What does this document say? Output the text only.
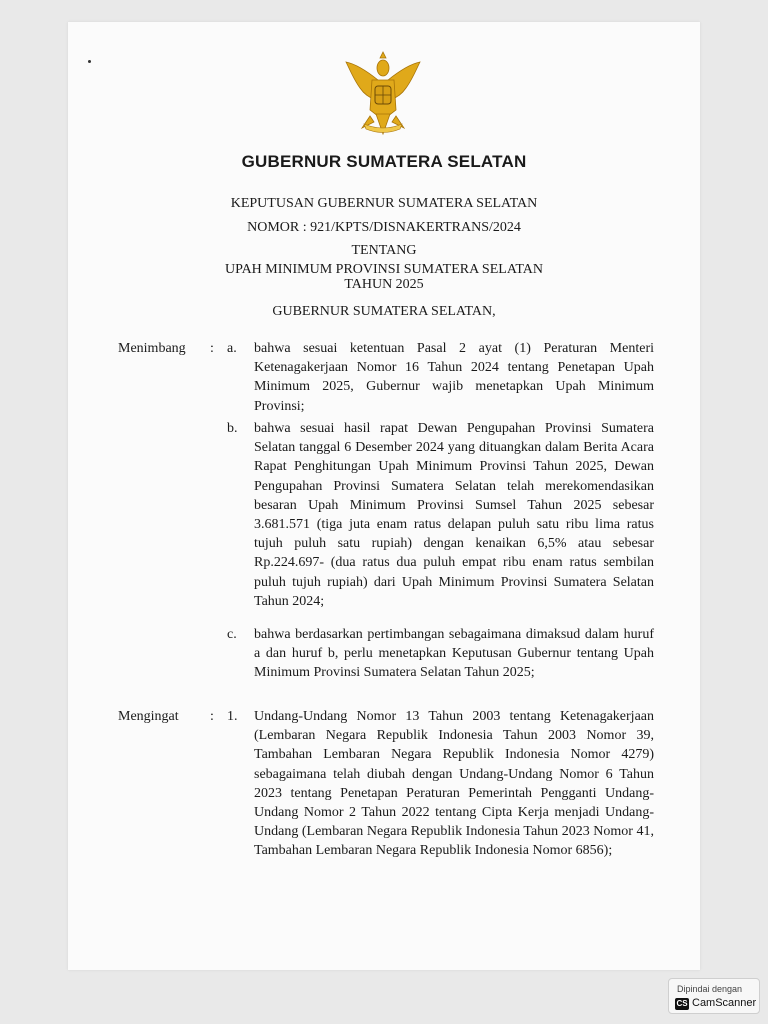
GUBERNUR SUMATERA SELATAN
KEPUTUSAN GUBERNUR SUMATERA SELATAN
NOMOR : 921/KPTS/DISNAKERTRANS/2024
TENTANG
UPAH MINIMUM PROVINSI SUMATERA SELATAN
TAHUN 2025
GUBERNUR SUMATERA SELATAN,
Menimbang : a. bahwa sesuai ketentuan Pasal 2 ayat (1) Peraturan Menteri Ketenagakerjaan Nomor 16 Tahun 2024 tentang Penetapan Upah Minimum 2025, Gubernur wajib menetapkan Upah Minimum Provinsi;
b. bahwa sesuai hasil rapat Dewan Pengupahan Provinsi Sumatera Selatan tanggal 6 Desember 2024 yang dituangkan dalam Berita Acara Rapat Penghitungan Upah Minimum Provinsi Tahun 2025, Dewan Pengupahan Provinsi Sumatera Selatan telah merekomendasikan besaran Upah Minimum Provinsi Sumsel Tahun 2025 sebesar 3.681.571 (tiga juta enam ratus delapan puluh satu ribu lima ratus tujuh puluh satu rupiah) dengan kenaikan 6,5% atau sebesar Rp.224.697- (dua ratus dua puluh empat ribu enam ratus sembilan puluh tujuh rupiah) dari Upah Minimum Provinsi Sumatera Selatan Tahun 2024;
c. bahwa berdasarkan pertimbangan sebagaimana dimaksud dalam huruf a dan huruf b, perlu menetapkan Keputusan Gubernur tentang Upah Minimum Provinsi Sumatera Selatan Tahun 2025;
Mengingat : 1. Undang-Undang Nomor 13 Tahun 2003 tentang Ketenagakerjaan (Lembaran Negara Republik Indonesia Tahun 2003 Nomor 39, Tambahan Lembaran Negara Republik Indonesia Nomor 4279) sebagaimana telah diubah dengan Undang-Undang Nomor 6 Tahun 2023 tentang Penetapan Peraturan Pemerintah Pengganti Undang-Undang Nomor 2 Tahun 2022 tentang Cipta Kerja menjadi Undang-Undang (Lembaran Negara Republik Indonesia Tahun 2023 Nomor 41, Tambahan Lembaran Negara Republik Indonesia Nomor 6856);
Dipindai dengan
CS CamScanner
